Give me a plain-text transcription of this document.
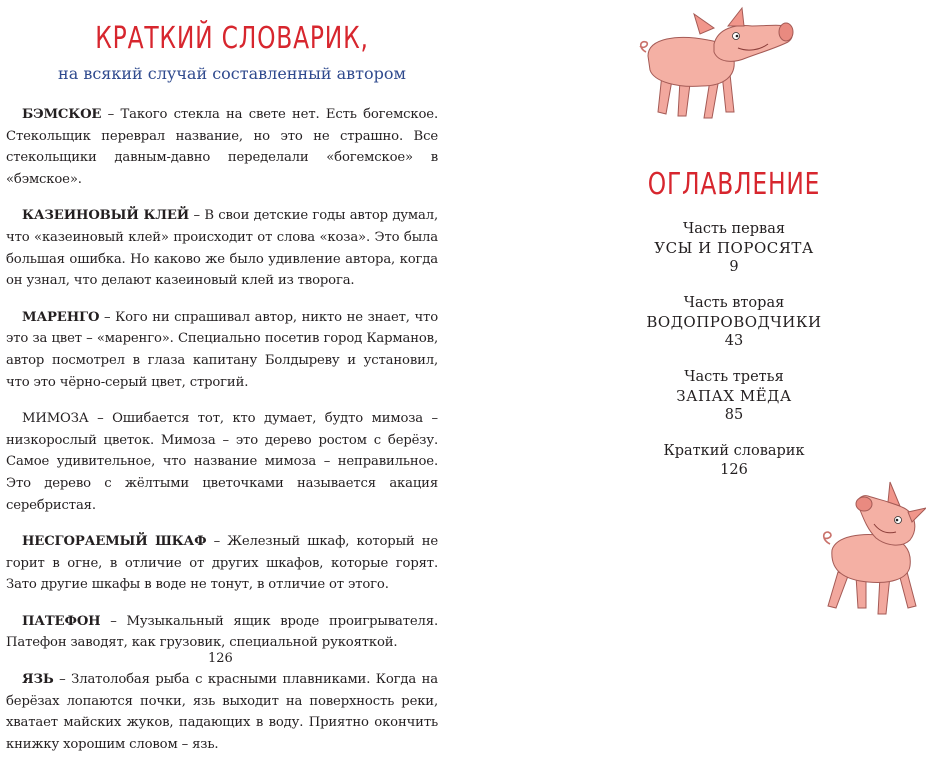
КРАТКИЙ СЛОВАРИК,
на всякий случай составленный автором

БЭМСКОЕ – Такого стекла на свете нет. Есть богемское. Стекольщик переврал название, но это не страшно. Все стекольщики давным-давно переделали «богемское» в «бэмское».

КАЗЕИНОВЫЙ КЛЕЙ – В свои детские годы автор думал, что «казеиновый клей» происходит от слова «коза». Это была большая ошибка. Но каково же было удивление автора, когда он узнал, что делают казеиновый клей из творога.

МАРЕНГО – Кого ни спрашивал автор, никто не знает, что это за цвет – «маренго». Специально посетив город Карманов, автор посмотрел в глаза капитану Болдыреву и установил, что это чёрно-серый цвет, строгий.

МИМОЗА – Ошибается тот, кто думает, будто мимоза – низкорослый цветок. Мимоза – это дерево ростом с берёзу. Самое удивительное, что название мимоза – неправильное. Это дерево с жёлтыми цветочками называется акация серебристая.

НЕСГОРАЕМЫЙ ШКАФ – Железный шкаф, который не горит в огне, в отличие от других шкафов, которые горят. Зато другие шкафы в воде не тонут, в отличие от этого.

ПАТЕФОН – Музыкальный ящик вроде проигрывателя. Патефон заводят, как грузовик, специальной рукояткой.

ЯЗЬ – Златолобая рыба с красными плавниками. Когда на берёзах лопаются почки, язь выходит на поверхность реки, хватает майских жуков, падающих в воду. Приятно окончить книжку хорошим словом – язь.

126
ОГЛАВЛЕНИЕ
Часть первая
УСЫ И ПОРОСЯТА
9
Часть вторая
ВОДОПРОВОДЧИКИ
43
Часть третья
ЗАПАХ МЁДА
85
Краткий словарик
126
